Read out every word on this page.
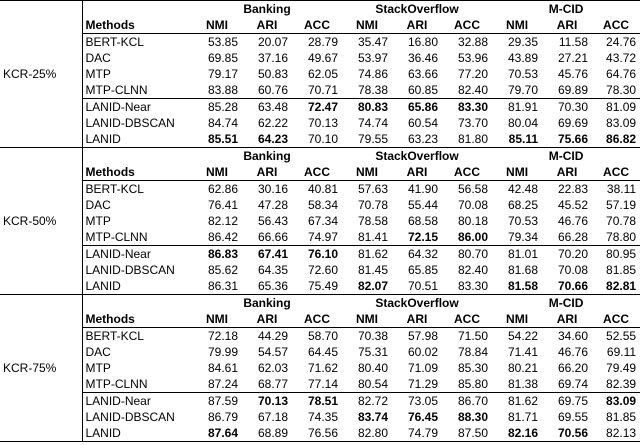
KCR-25%		Banking			StackOverflow			M-CID		
	Methods	NMI	ARI	ACC	NMI	ARI	ACC	NMI	ARI	ACC
	BERT-KCL	53.85	20.07	28.79	35.47	16.80	32.88	29.35	11.58	24.76
	DAC	69.85	37.16	49.67	53.97	36.46	53.96	43.89	27.21	43.72
	MTP	79.17	50.83	62.05	74.86	63.66	77.20	70.53	45.76	64.76
	MTP-CLNN	83.88	60.76	70.71	78.38	60.85	82.40	79.70	69.89	78.30
	LANID-Near	85.28	63.48	72.47	80.83	65.86	83.30	81.91	70.30	81.09
	LANID-DBSCAN	84.74	62.22	70.13	74.74	60.54	73.70	80.04	69.69	83.09
	LANID	85.51	64.23	70.10	79.55	63.23	81.80	85.11	75.66	86.82
KCR-50%		Banking			StackOverflow			M-CID		
	Methods	NMI	ARI	ACC	NMI	ARI	ACC	NMI	ARI	ACC
	BERT-KCL	62.86	30.16	40.81	57.63	41.90	56.58	42.48	22.83	38.11
	DAC	76.41	47.28	58.34	70.78	55.44	70.08	68.25	45.52	57.19
	MTP	82.12	56.43	67.34	78.58	68.58	80.18	70.53	46.76	70.78
	MTP-CLNN	86.42	66.66	74.97	81.41	72.15	86.00	79.34	66.28	78.80
	LANID-Near	86.83	67.41	76.10	81.62	64.32	80.70	81.01	70.20	80.95
	LANID-DBSCAN	85.62	64.35	72.60	81.45	65.85	82.40	81.68	70.08	81.85
	LANID	86.31	65.36	75.49	82.07	70.51	83.30	81.58	70.66	82.81
KCR-75%		Banking			StackOverflow			M-CID		
	Methods	NMI	ARI	ACC	NMI	ARI	ACC	NMI	ARI	ACC
	BERT-KCL	72.18	44.29	58.70	70.38	57.98	71.50	54.22	34.60	52.55
	DAC	79.99	54.57	64.45	75.31	60.02	78.84	71.41	46.76	69.11
	MTP	84.61	62.03	71.62	80.40	71.09	85.30	80.21	66.20	79.49
	MTP-CLNN	87.24	68.77	77.14	80.54	71.29	85.80	81.38	69.74	82.39
	LANID-Near	87.59	70.13	78.51	82.72	73.05	86.70	81.62	69.75	83.09
	LANID-DBSCAN	86.79	67.18	74.35	83.74	76.45	88.30	81.71	69.55	81.85
	LANID	87.64	68.89	76.56	82.80	74.79	87.50	82.16	70.56	82.13
